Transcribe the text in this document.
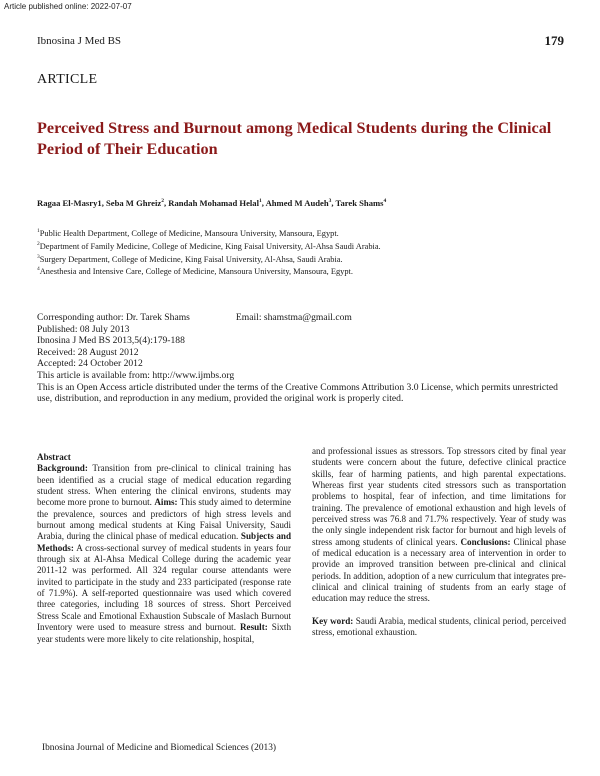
Article published online: 2022-07-07
Ibnosina J Med BS	179
ARTICLE
Perceived Stress and Burnout among Medical Students during the Clinical Period of Their Education
Ragaa El-Masry1, Seba M Ghreiz$^2$, Randah Mohamad Helal$^1$, Ahmed M Audeh$^3$, Tarek Shams$^4$
$^1$Public Health Department, College of Medicine, Mansoura University, Mansoura, Egypt.
$^2$Department of Family Medicine, College of Medicine, King Faisal University, Al-Ahsa Saudi Arabia.
$^3$Surgery Department, College of Medicine, King Faisal University, Al-Ahsa, Saudi Arabia.
$^4$Anesthesia and Intensive Care, College of Medicine, Mansoura University, Mansoura, Egypt.
Corresponding author: Dr. Tarek Shams	Email: shamstma@gmail.com
Published: 08 July 2013
Ibnosina J Med BS 2013,5(4):179-188
Received: 28 August 2012
Accepted: 24 October 2012
This article is available from: http://www.ijmbs.org
This is an Open Access article distributed under the terms of the Creative Commons Attribution 3.0 License, which permits unrestricted use, distribution, and reproduction in any medium, provided the original work is properly cited.
Abstract
Background: Transition from pre-clinical to clinical training has been identified as a crucial stage of medical education regarding student stress. When entering the clinical environs, students may become more prone to burnout. Aims: This study aimed to determine the prevalence, sources and predictors of high stress levels and burnout among medical students at King Faisal University, Saudi Arabia, during the clinical phase of medical education. Subjects and Methods: A cross-sectional survey of medical students in years four through six at Al-Ahsa Medical College during the academic year 2011-12 was performed. All 324 regular course attendants were invited to participate in the study and 233 participated (response rate of 71.9%). A self-reported questionnaire was used which covered three categories, including 18 sources of stress. Short Perceived Stress Scale and Emotional Exhaustion Subscale of Maslach Burnout Inventory were used to measure stress and burnout. Result: Sixth year students were more likely to cite relationship, hospital,
and professional issues as stressors. Top stressors cited by final year students were concern about the future, defective clinical practice skills, fear of harming patients, and high parental expectations. Whereas first year students cited stressors such as transportation problems to hospital, fear of infection, and time limitations for training. The prevalence of emotional exhaustion and high levels of perceived stress was 76.8 and 71.7% respectively. Year of study was the only single independent risk factor for burnout and high levels of stress among students of clinical years. Conclusions: Clinical phase of medical education is a necessary area of intervention in order to provide an improved transition between pre-clinical and clinical periods. In addition, adoption of a new curriculum that integrates pre-clinical and clinical training of students from an early stage of education may reduce the stress.
Key word: Saudi Arabia, medical students, clinical period, perceived stress, emotional exhaustion.
Ibnosina Journal of Medicine and Biomedical Sciences (2013)
